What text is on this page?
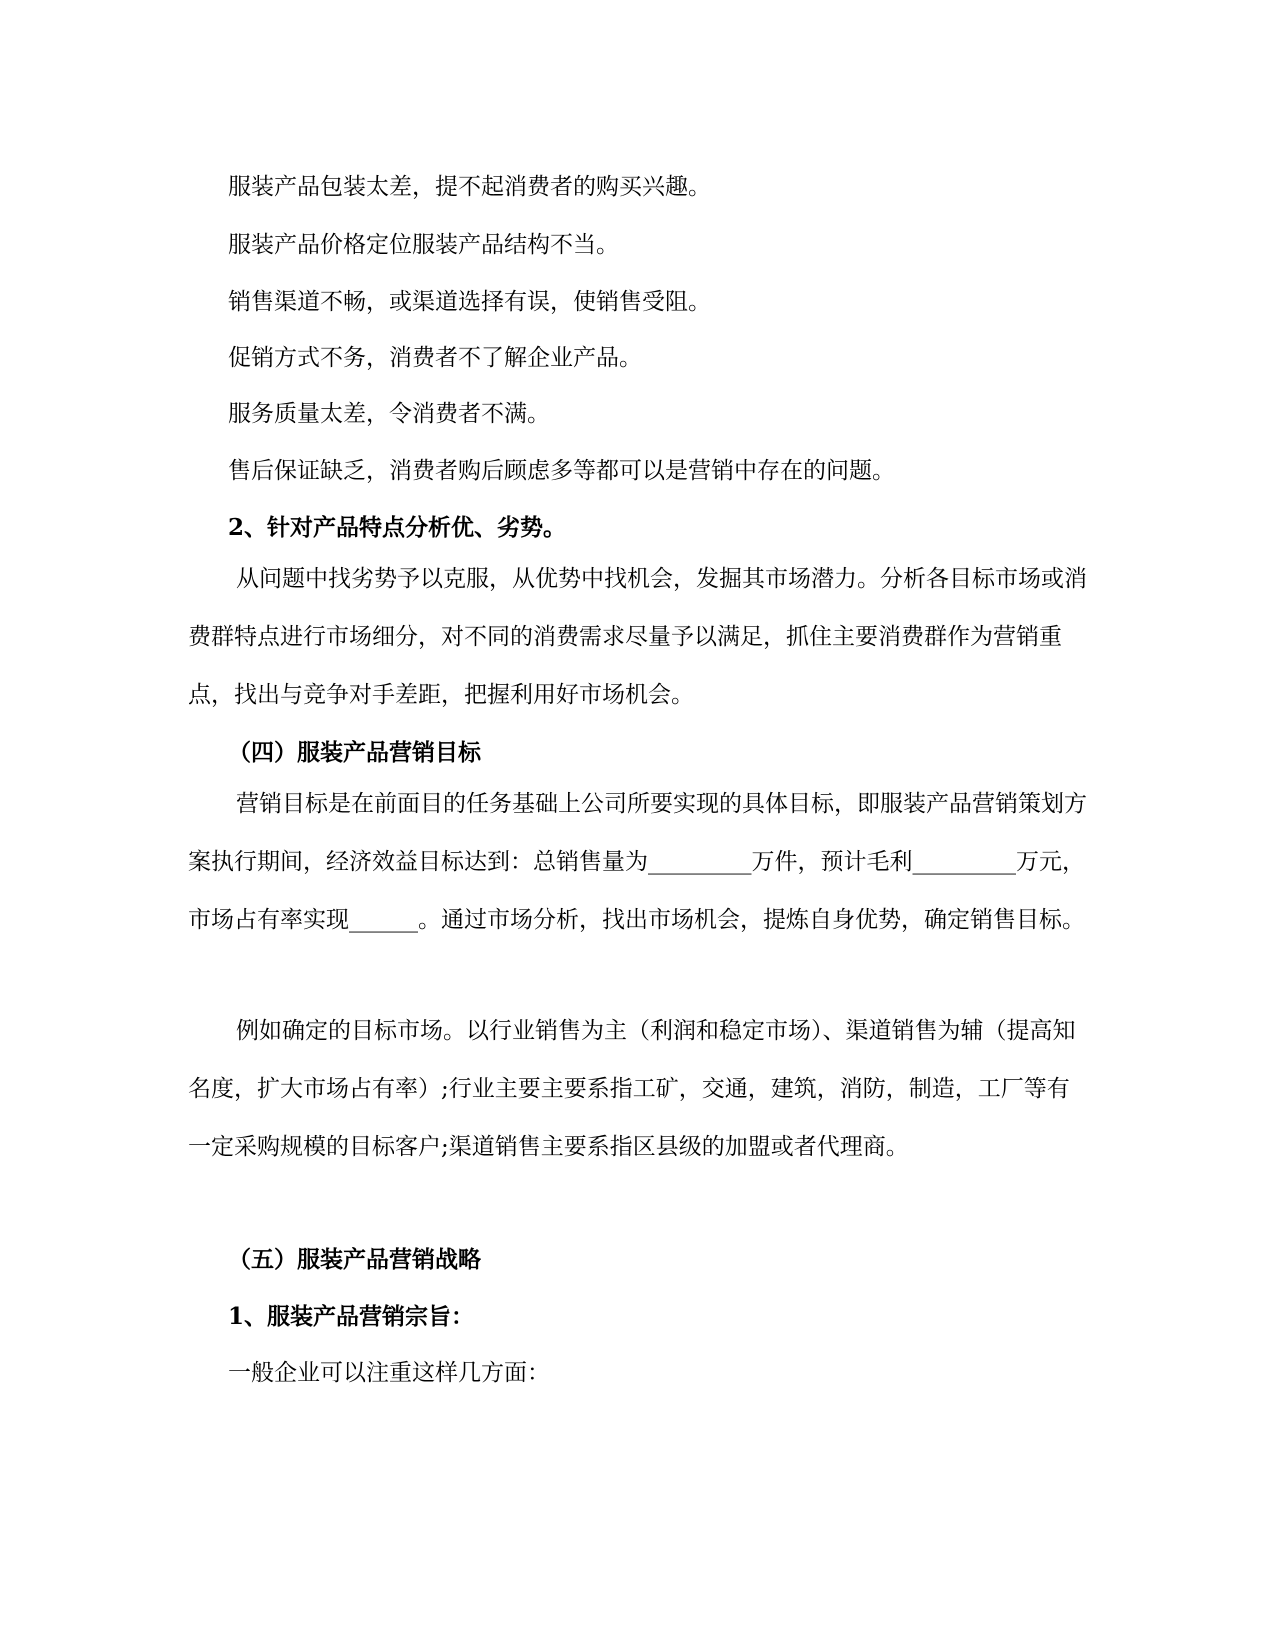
服装产品包装太差，提不起消费者的购买兴趣。

服装产品价格定位服装产品结构不当。

销售渠道不畅，或渠道选择有误，使销售受阻。

促销方式不务，消费者不了解企业产品。

服务质量太差，令消费者不满。

售后保证缺乏，消费者购后顾虑多等都可以是营销中存在的问题。

2、针对产品特点分析优、劣势。

从问题中找劣势予以克服，从优势中找机会，发掘其市场潜力。分析各目标市场或消费群特点进行市场细分，对不同的消费需求尽量予以满足，抓住主要消费群作为营销重点，找出与竞争对手差距，把握利用好市场机会。

（四）服装产品营销目标

营销目标是在前面目的任务基础上公司所要实现的具体目标，即服装产品营销策划方案执行期间，经济效益目标达到：总销售量为_________万件，预计毛利_________万元，市场占有率实现______。通过市场分析，找出市场机会，提炼自身优势，确定销售目标。

例如确定的目标市场。以行业销售为主（利润和稳定市场）、渠道销售为辅（提高知名度，扩大市场占有率）;行业主要主要系指工矿，交通，建筑，消防，制造，工厂等有一定采购规模的目标客户;渠道销售主要系指区县级的加盟或者代理商。

（五）服装产品营销战略

1、服装产品营销宗旨：

一般企业可以注重这样几方面：
